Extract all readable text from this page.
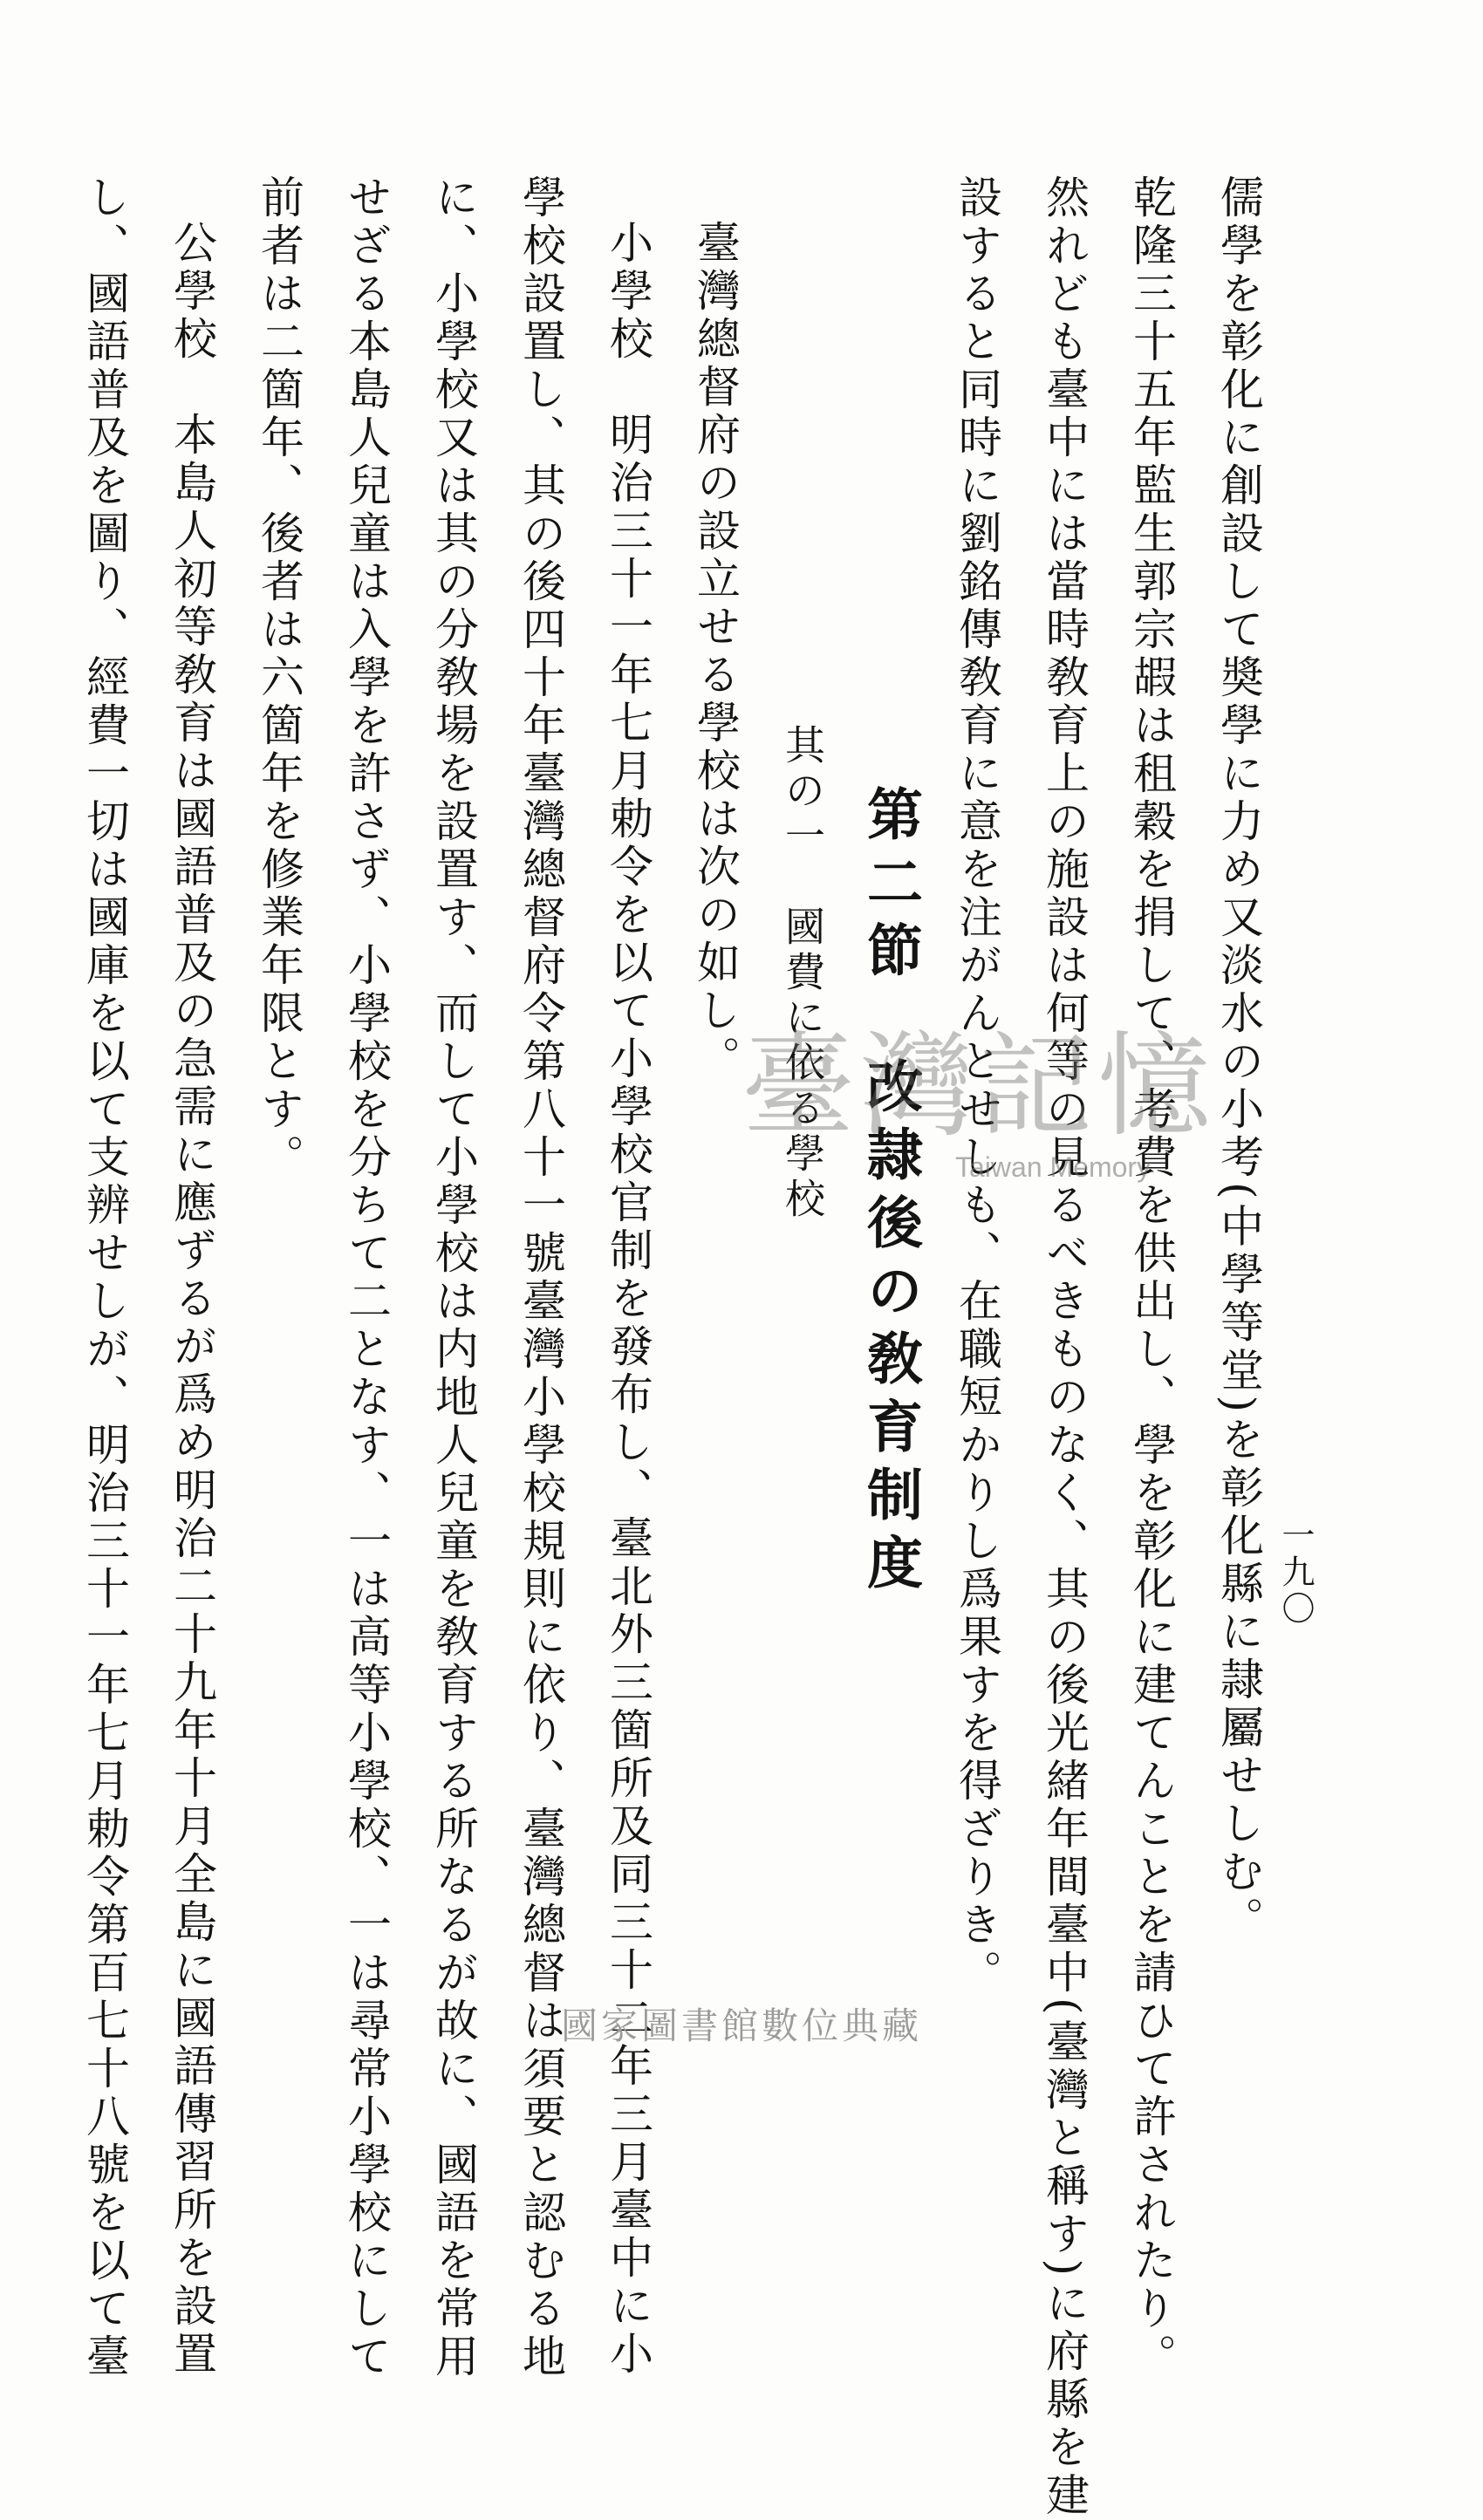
一九〇

儒學を彰化に創設して奬學に力め又淡水の小考(中學等堂)を彰化縣に隷屬せしむ。

乾隆三十五年監生郭宗嘏は租穀を捐して、考費を供出し、學を彰化に建てんことを請ひて許されたり。

然れども臺中には當時敎育上の施設は何等の見るべきものなく、其の後光緒年間臺中(臺灣と稱す)に府縣を建

設すると同時に劉銘傳敎育に意を注がんとせしも、在職短かりし爲果すを得ざりき。

第二節　改隷後の敎育制度

其の一　國費に依る學校

臺灣總督府の設立せる學校は次の如し。

小學校　明治三十一年七月勅令を以て小學校官制を發布し、臺北外三箇所及同三十二年三月臺中に小

學校設置し、其の後四十年臺灣總督府令第八十一號臺灣小學校規則に依り、臺灣總督は須要と認むる地

に、小學校又は其の分敎場を設置す、而して小學校は内地人兒童を敎育する所なるが故に、國語を常用

せざる本島人兒童は入學を許さず、小學校を分ちて二となす、一は高等小學校、一は尋常小學校にして

前者は二箇年、後者は六箇年を修業年限とす。

公學校　本島人初等敎育は國語普及の急需に應ずるが爲め明治二十九年十月全島に國語傳習所を設置

し、國語普及を圖り、經費一切は國庫を以て支辨せしが、明治三十一年七月勅令第百七十八號を以て臺	臺灣記憶
Taiwan Memory
國家圖書館數位典藏
